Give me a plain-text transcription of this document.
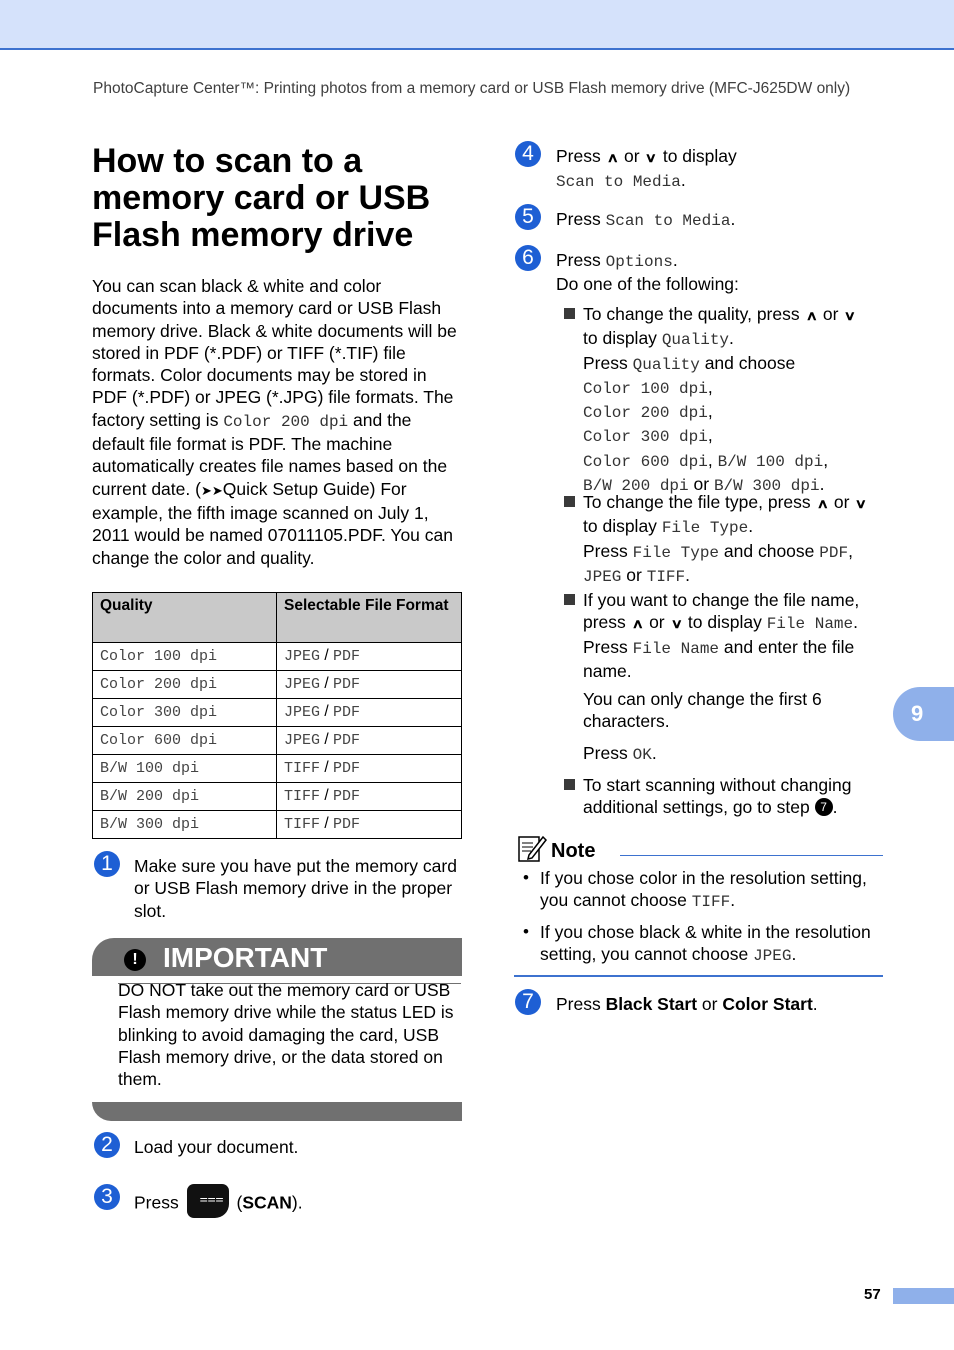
PhotoCapture Center™: Printing photos from a memory card or USB Flash memory drive (MFC-J625DW only)
How to scan to a memory card or USB Flash memory drive
You can scan black & white and color documents into a memory card or USB Flash memory drive. Black & white documents will be stored in PDF (*.PDF) or TIFF (*.TIF) file formats. Color documents may be stored in PDF (*.PDF) or JPEG (*.JPG) file formats. The factory setting is Color 200 dpi and the default file format is PDF. The machine automatically creates file names based on the current date. (➤➤Quick Setup Guide) For example, the fifth image scanned on July 1, 2011 would be named 07011105.PDF. You can change the color and quality.
Quality	Selectable File Format
Color 100 dpi	JPEG / PDF
Color 200 dpi	JPEG / PDF
Color 300 dpi	JPEG / PDF
Color 600 dpi	JPEG / PDF
B/W 100 dpi	TIFF / PDF
B/W 200 dpi	TIFF / PDF
B/W 300 dpi	TIFF / PDF
1	Make sure you have put the memory card or USB Flash memory drive in the proper slot.
! IMPORTANT
DO NOT take out the memory card or USB Flash memory drive while the status LED is blinking to avoid damaging the card, USB Flash memory drive, or the data stored on them.
2	Load your document.
3	Press ⩶ (SCAN).
4	Press ∧ or ∨ to display
Scan to Media.
5	Press Scan to Media.
6	Press Options.
Do one of the following:
To change the quality, press ∧ or ∨
to display Quality.
Press Quality and choose
Color 100 dpi,
Color 200 dpi,
Color 300 dpi,
Color 600 dpi, B/W 100 dpi,
B/W 200 dpi or B/W 300 dpi.
To change the file type, press ∧ or ∨
to display File Type.
Press File Type and choose PDF,
JPEG or TIFF.
If you want to change the file name, press ∧ or ∨ to display File Name.
Press File Name and enter the file name.
You can only change the first 6 characters.
Press OK.
To start scanning without changing additional settings, go to step 7 .
Note
• If you chose color in the resolution setting, you cannot choose TIFF.
• If you chose black & white in the resolution setting, you cannot choose JPEG.
7	Press Black Start or Color Start.
9
57
